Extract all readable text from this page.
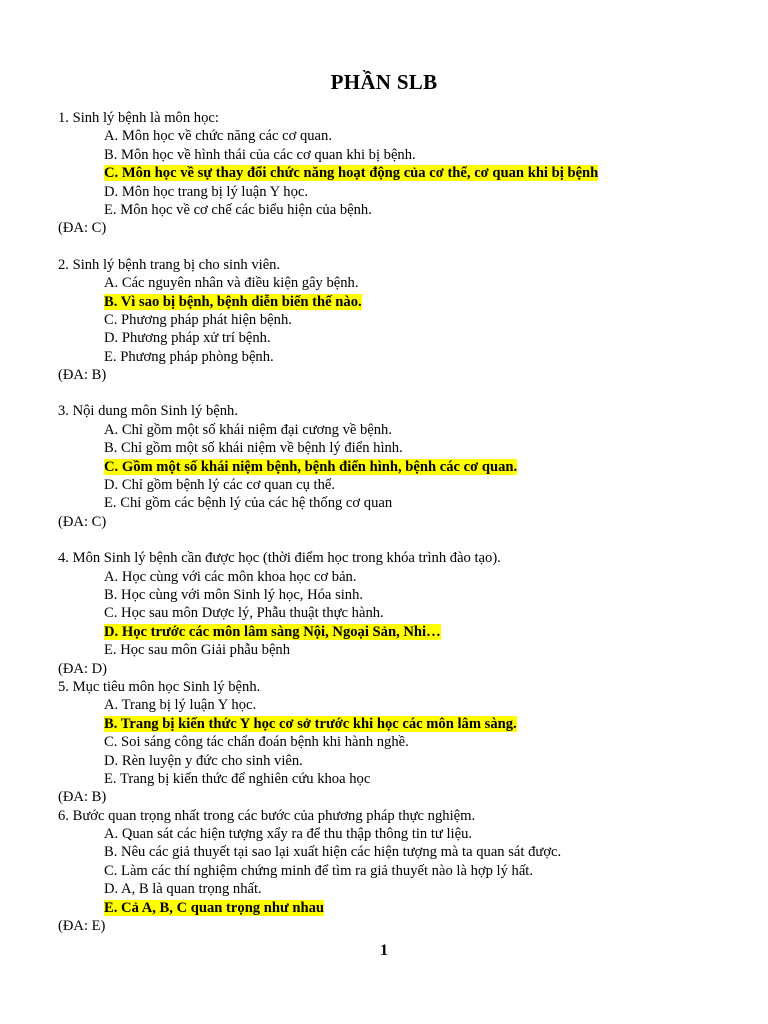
PHẦN SLB
1. Sinh lý bệnh là môn học:
A. Môn học về chức năng các cơ quan.
B. Môn học về hình thái của các cơ quan khi bị bệnh.
C. Môn học về sự thay đổi chức năng hoạt động của cơ thể, cơ quan khi bị bệnh
D. Môn học trang bị lý luận Y học.
E. Môn học về cơ chế các biểu hiện của bệnh.
(ĐA: C)
2. Sinh lý bệnh trang bị cho sinh viên.
A. Các nguyên nhân và điều kiện gây bệnh.
B. Vì sao bị bệnh, bệnh diễn biến thế nào.
C. Phương pháp phát hiện bệnh.
D. Phương pháp xử trí bệnh.
E. Phương pháp phòng bệnh.
(ĐA: B)
3. Nội dung môn Sinh lý bệnh.
A. Chỉ gồm một số khái niệm đại cương về bệnh.
B. Chỉ gồm một số khái niệm về bệnh lý điển hình.
C. Gồm một số khái niệm bệnh, bệnh điển hình, bệnh các cơ quan.
D. Chỉ gồm bệnh lý các cơ quan cụ thể.
E. Chỉ gồm các bệnh lý của các hệ thống cơ quan
(ĐA: C)
4. Môn Sinh lý bệnh cần được học (thời điểm học trong khóa trình đào tạo).
A. Học cùng với các môn khoa học cơ bản.
B. Học cùng với môn Sinh lý học, Hóa sinh.
C. Học sau môn Dược lý, Phẫu thuật thực hành.
D. Học trước các môn lâm sàng Nội, Ngoại Sản, Nhi…
E. Học sau môn Giải phẫu bệnh
(ĐA: D)
5. Mục tiêu môn học Sinh lý bệnh.
A. Trang bị lý luận Y học.
B. Trang bị kiến thức Y học cơ sở trước khi học các môn lâm sàng.
C. Soi sáng công tác chẩn đoán bệnh khi hành nghề.
D. Rèn luyện y đức cho sinh viên.
E. Trang bị kiến thức để nghiên cứu khoa học
(ĐA: B)
6. Bước quan trọng nhất trong các bước của phương pháp thực nghiệm.
A. Quan sát các hiện tượng xẩy ra để thu thập thông tin tư liệu.
B. Nêu các giả thuyết tại sao lại xuất hiện các hiện tượng mà ta quan sát được.
C. Làm các thí nghiệm chứng minh để tìm ra giả thuyết nào là hợp lý hất.
D. A, B là quan trọng nhất.
E. Cả A, B, C quan trọng như nhau
(ĐA: E)
1
